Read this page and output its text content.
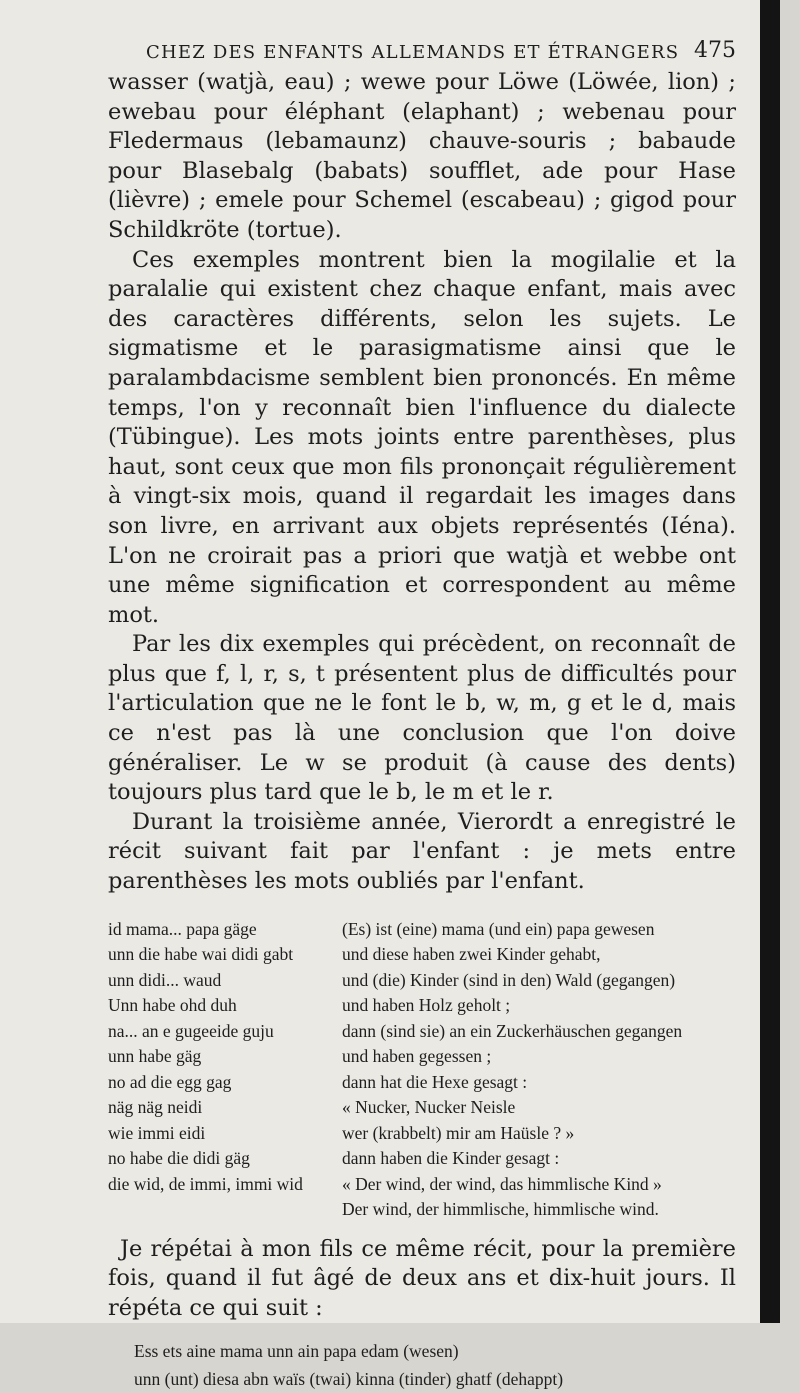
CHEZ DES ENFANTS ALLEMANDS ET ÉTRANGERS 475

wasser (watjà, eau) ; wewe pour Löwe (Löwée, lion) ; ewebau pour éléphant (elaphant) ; webenau pour Fledermaus (lebamaunz) chauve-souris ; babaude pour Blasebalg (babats) soufflet, ade pour Hase (lièvre) ; emele pour Schemel (escabeau) ; gigod pour Schildkröte (tortue).

Ces exemples montrent bien la mogilalie et la paralalie qui existent chez chaque enfant, mais avec des caractères différents, selon les sujets. Le sigmatisme et le parasigmatisme ainsi que le paralambdacisme semblent bien prononcés. En même temps, l'on y reconnaît bien l'influence du dialecte (Tübingue). Les mots joints entre parenthèses, plus haut, sont ceux que mon fils prononçait régulièrement à vingt-six mois, quand il regardait les images dans son livre, en arrivant aux objets représentés (Iéna). L'on ne croirait pas a priori que watjà et webbe ont une même signification et correspondent au même mot.

Par les dix exemples qui précèdent, on reconnaît de plus que f, l, r, s, t présentent plus de difficultés pour l'articulation que ne le font le b, w, m, g et le d, mais ce n'est pas là une conclusion que l'on doive généraliser. Le w se produit (à cause des dents) toujours plus tard que le b, le m et le r.

Durant la troisième année, Vierordt a enregistré le récit suivant fait par l'enfant : je mets entre parenthèses les mots oubliés par l'enfant.

id mama... papa gäge	(Es) ist (eine) mama (und ein) papa gewesen
unn die habe wai didi gabt	und diese haben zwei Kinder gehabt,
unn didi... waud	und (die) Kinder (sind in den) Wald (gegangen)
Unn habe ohd duh	und haben Holz geholt ;
na... an e gugeeide guju	dann (sind sie) an ein Zuckerhäuschen gegangen
unn habe gäg	und haben gegessen ;
no ad die egg gag	dann hat die Hexe gesagt :
näg näg neidi	« Nucker, Nucker Neisle
wie immi eidi	wer (krabbelt) mir am Haüsle ? »
no habe die didi gäg	dann haben die Kinder gesagt :
die wid, de immi, immi wid	« Der wind, der wind, das himmlische Kind »
Der wind, der himmlische, himmlische wind.

Je répétai à mon fils ce même récit, pour la première fois, quand il fut âgé de deux ans et dix-huit jours. Il répéta ce qui suit :

Ess ets aine mama unn ain papa edam (wesen)
unn (unt) diesa abn waïs (twai) kinna (tinder) ghatf (dehappt)
